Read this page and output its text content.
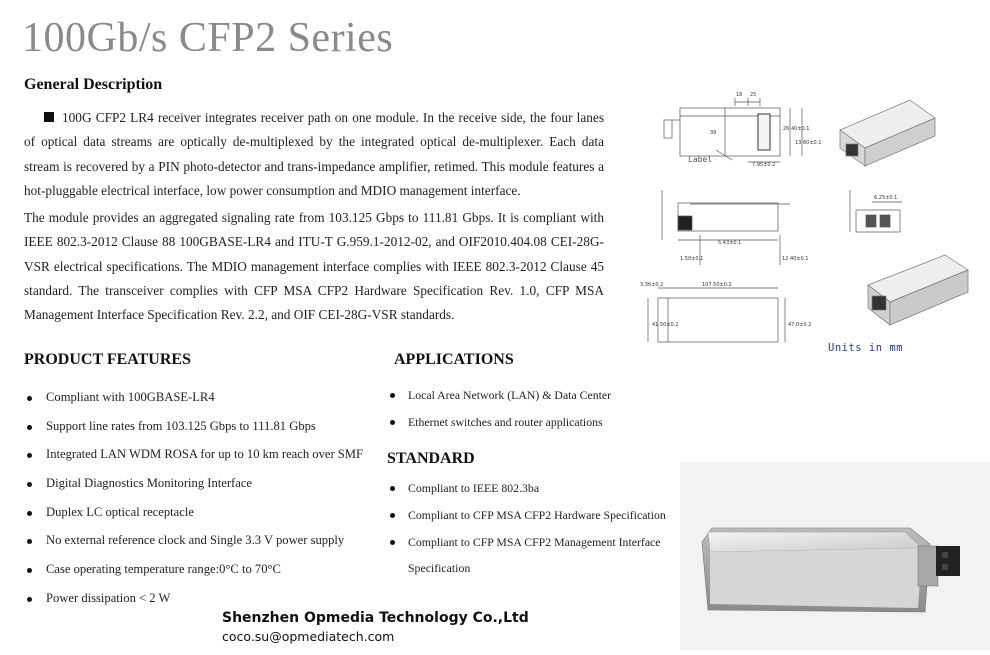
100Gb/s CFP2 Series
General Description
100G CFP2 LR4 receiver integrates receiver path on one module. In the receive side, the four lanes of optical data streams are optically de-multiplexed by the integrated optical de-multiplexer. Each data stream is recovered by a PIN photo-detector and trans-impedance amplifier, retimed. This module features a hot-pluggable electrical interface, low power consumption and MDIO management interface.
The module provides an aggregated signaling rate from 103.125 Gbps to 111.81 Gbps. It is compliant with IEEE 802.3-2012 Clause 88 100GBASE-LR4 and ITU-T G.959.1-2012-02, and OIF2010.404.08 CEI-28G-VSR electrical specifications. The MDIO management interface complies with IEEE 802.3-2012 Clause 45 standard. The transceiver complies with CFP MSA CFP2 Hardware Specification Rev. 1.0, CFP MSA Management Interface Specification Rev. 2.2, and OIF CEI-28G-VSR standards.
PRODUCT FEATURES
Compliant with 100GBASE-LR4
Support line rates from 103.125 Gbps to 111.81 Gbps
Integrated LAN WDM ROSA for up to 10 km reach over SMF
Digital Diagnostics Monitoring Interface
Duplex LC optical receptacle
No external reference clock and Single 3.3 V power supply
Case operating temperature range:0°C to 70°C
Power dissipation < 2 W
APPLICATIONS
Local Area Network (LAN) & Data Center
Ethernet switches and router applications
STANDARD
Compliant to IEEE 802.3ba
Compliant to CFP MSA CFP2 Hardware Specification
Compliant to CFP MSA CFP2 Management Interface
Specification
16 25
39
7.95±0.2
26.40±0.1
13.60±0.1
5.43±0.1
1.50±0.1	12.40±0.1
6.25±0.1
3.36±0.2	107.50±0.2
41.50±0.2	47.0±0.2
Label
Units in mm
Shenzhen Opmedia Technology Co.,Ltd
coco.su@opmediatech.com
